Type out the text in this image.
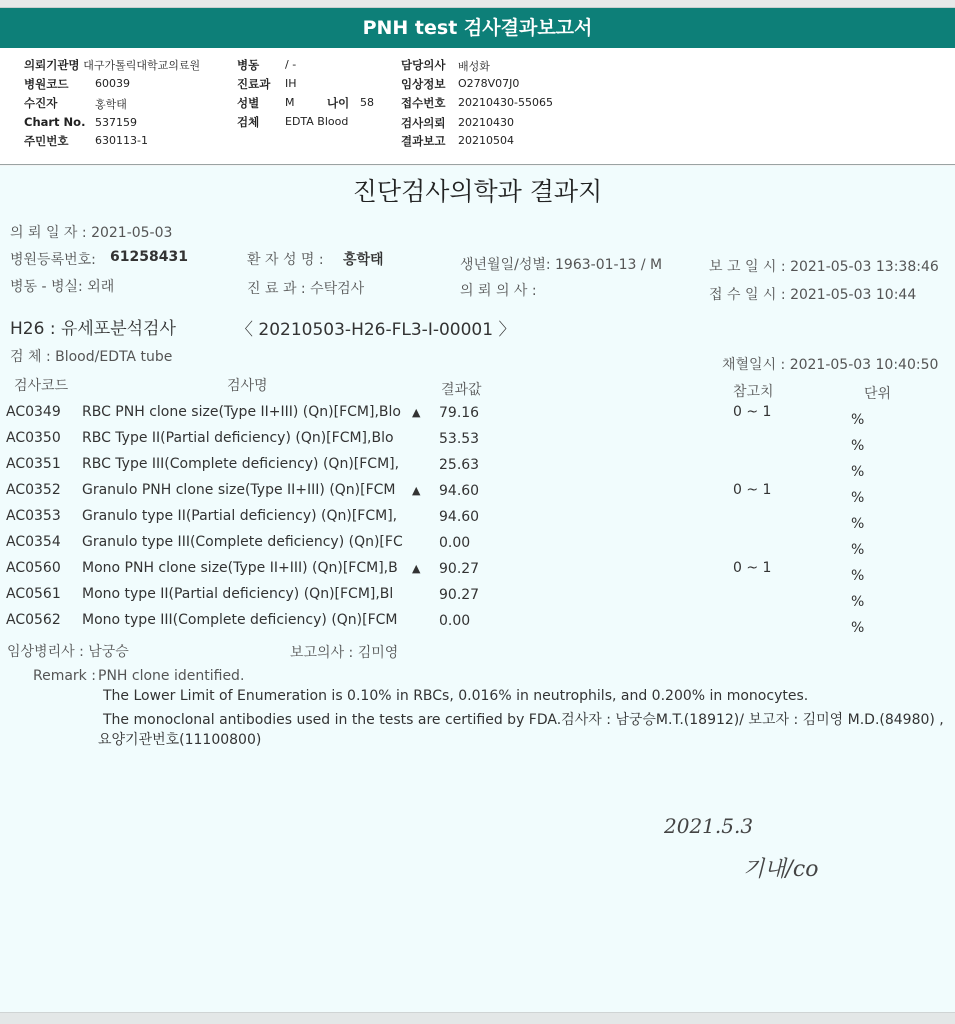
PNH test 검사결과보고서
의뢰기관명 대구가톨릭대학교의료원
병원코드 60039
수진자	홍학태
Chart No. 537159
주민번호 630113-1
병동 / -
진료과 IH
성별 M	나이 58
검체 EDTA Blood
담당의사 배성화
임상정보 O278V07J0
접수번호 20210430-55065
검사의뢰 20210430
결과보고 20210504
진단검사의학과 결과지
의 뢰 일 자 : 2021-05-03
병원등록번호: 61258431
병동 - 병실: 외래
환 자 성 명 : 홍학태
진 료 과 : 수탁검사
생년월일/성별: 1963-01-13 / M
의 뢰 의 사 :
보 고 일 시 : 2021-05-03 13:38:46
접 수 일 시 : 2021-05-03 10:44
H26 : 유세포분석검사	〈 20210503-H26-FL3-I-00001 〉
검 체 : Blood/EDTA tube	채혈일시 : 2021-05-03 10:40:50
검사코드	검사명	결과값	참고치	단위
AC0349 RBC PNH clone size(Type II+III) (Qn)[FCM],Blo ▲ 79.16	0 ~ 1	%
AC0350 RBC Type II(Partial deficiency) (Qn)[FCM],Blo	53.53	%
AC0351 RBC Type III(Complete deficiency) (Qn)[FCM],	25.63	%
AC0352 Granulo PNH clone size(Type II+III) (Qn)[FCM ▲ 94.60	0 ~ 1	%
AC0353 Granulo type II(Partial deficiency) (Qn)[FCM],	94.60	%
AC0354 Granulo type III(Complete deficiency) (Qn)[FC	0.00	%
AC0560 Mono PNH clone size(Type II+III) (Qn)[FCM],B ▲ 90.27	0 ~ 1	%
AC0561 Mono type II(Partial deficiency) (Qn)[FCM],Bl	90.27	%
AC0562 Mono type III(Complete deficiency) (Qn)[FCM	0.00	%
임상병리사 : 남궁승	보고의사 : 김미영
Remark : PNH clone identified.
The Lower Limit of Enumeration is 0.10% in RBCs, 0.016% in neutrophils, and 0.200% in monocytes.
The monoclonal antibodies used in the tests are certified by FDA.검사자 : 남궁승M.T.(18912)/ 보고자 : 김미영 M.D.(84980) ,
요양기관번호(11100800)
2021.5.3
기내/co
